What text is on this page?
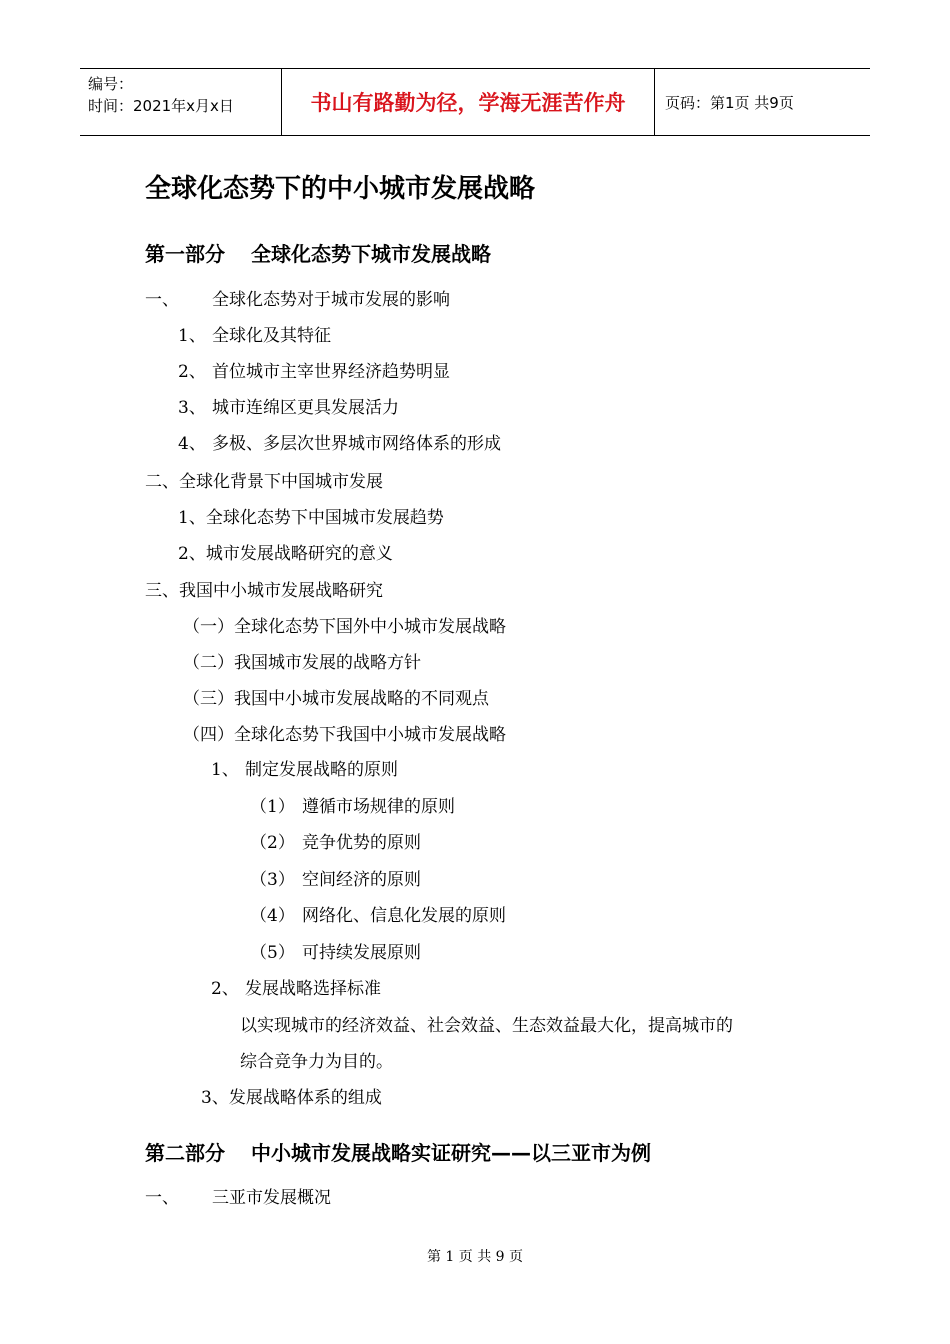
编号：
时间：2021年x月x日	书山有路勤为径，学海无涯苦作舟	页码：第1页 共9页
全球化态势下的中小城市发展战略
第一部分 全球化态势下城市发展战略
一、 全球化态势对于城市发展的影响
1、 全球化及其特征
2、 首位城市主宰世界经济趋势明显
3、 城市连绵区更具发展活力
4、 多极、多层次世界城市网络体系的形成
二、全球化背景下中国城市发展
1、全球化态势下中国城市发展趋势
2、城市发展战略研究的意义
三、我国中小城市发展战略研究
（一）全球化态势下国外中小城市发展战略
（二）我国城市发展的战略方针
（三）我国中小城市发展战略的不同观点
（四）全球化态势下我国中小城市发展战略
1、 制定发展战略的原则
（1） 遵循市场规律的原则
（2） 竞争优势的原则
（3） 空间经济的原则
（4） 网络化、信息化发展的原则
（5） 可持续发展原则
2、 发展战略选择标准
以实现城市的经济效益、社会效益、生态效益最大化，提高城市的
综合竞争力为目的。
3、发展战略体系的组成
第二部分 中小城市发展战略实证研究——以三亚市为例
一、 三亚市发展概况
第 1 页 共 9 页
